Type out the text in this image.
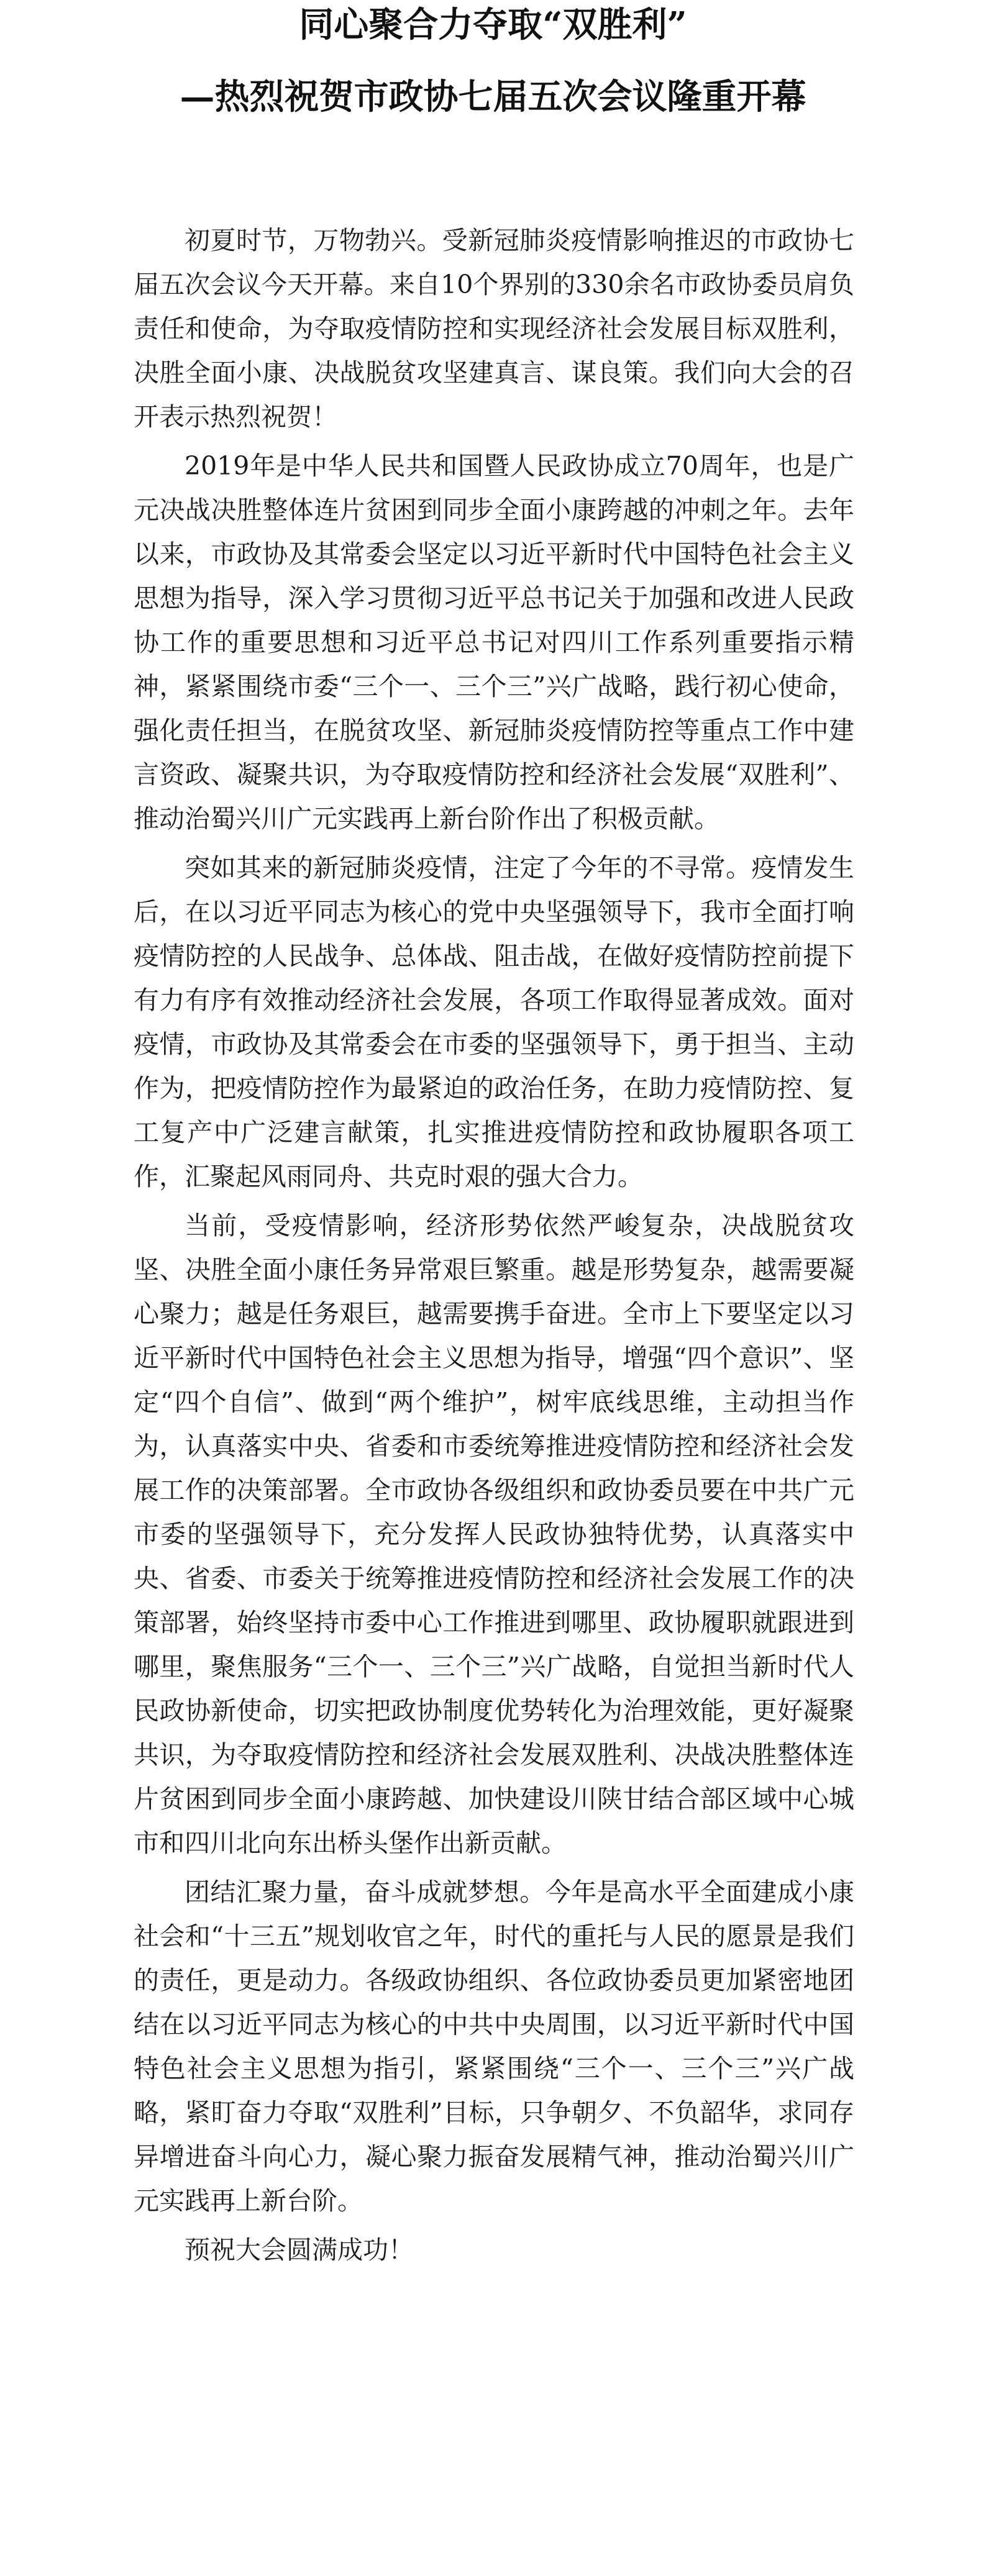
同心聚合力夺取“双胜利”
—热烈祝贺市政协七届五次会议隆重开幕

初夏时节，万物勃兴。受新冠肺炎疫情影响推迟的市政协七届五次会议今天开幕。来自10个界别的330余名市政协委员肩负责任和使命，为夺取疫情防控和实现经济社会发展目标双胜利，决胜全面小康、决战脱贫攻坚建真言、谋良策。我们向大会的召开表示热烈祝贺！

2019年是中华人民共和国暨人民政协成立70周年，也是广元决战决胜整体连片贫困到同步全面小康跨越的冲刺之年。去年以来，市政协及其常委会坚定以习近平新时代中国特色社会主义思想为指导，深入学习贯彻习近平总书记关于加强和改进人民政协工作的重要思想和习近平总书记对四川工作系列重要指示精神，紧紧围绕市委“三个一、三个三”兴广战略，践行初心使命，强化责任担当，在脱贫攻坚、新冠肺炎疫情防控等重点工作中建言资政、凝聚共识，为夺取疫情防控和经济社会发展“双胜利”、推动治蜀兴川广元实践再上新台阶作出了积极贡献。

突如其来的新冠肺炎疫情，注定了今年的不寻常。疫情发生后，在以习近平同志为核心的党中央坚强领导下，我市全面打响疫情防控的人民战争、总体战、阻击战，在做好疫情防控前提下有力有序有效推动经济社会发展，各项工作取得显著成效。面对疫情，市政协及其常委会在市委的坚强领导下，勇于担当、主动作为，把疫情防控作为最紧迫的政治任务，在助力疫情防控、复工复产中广泛建言献策，扎实推进疫情防控和政协履职各项工作，汇聚起风雨同舟、共克时艰的强大合力。

当前，受疫情影响，经济形势依然严峻复杂，决战脱贫攻坚、决胜全面小康任务异常艰巨繁重。越是形势复杂，越需要凝心聚力；越是任务艰巨，越需要携手奋进。全市上下要坚定以习近平新时代中国特色社会主义思想为指导，增强“四个意识”、坚定“四个自信”、做到“两个维护”，树牢底线思维，主动担当作为，认真落实中央、省委和市委统筹推进疫情防控和经济社会发展工作的决策部署。全市政协各级组织和政协委员要在中共广元市委的坚强领导下，充分发挥人民政协独特优势，认真落实中央、省委、市委关于统筹推进疫情防控和经济社会发展工作的决策部署，始终坚持市委中心工作推进到哪里、政协履职就跟进到哪里，聚焦服务“三个一、三个三”兴广战略，自觉担当新时代人民政协新使命，切实把政协制度优势转化为治理效能，更好凝聚共识，为夺取疫情防控和经济社会发展双胜利、决战决胜整体连片贫困到同步全面小康跨越、加快建设川陕甘结合部区域中心城市和四川北向东出桥头堡作出新贡献。

团结汇聚力量，奋斗成就梦想。今年是高水平全面建成小康社会和“十三五”规划收官之年，时代的重托与人民的愿景是我们的责任，更是动力。各级政协组织、各位政协委员更加紧密地团结在以习近平同志为核心的中共中央周围，以习近平新时代中国特色社会主义思想为指引，紧紧围绕“三个一、三个三”兴广战略，紧盯奋力夺取“双胜利”目标，只争朝夕、不负韶华，求同存异增进奋斗向心力，凝心聚力振奋发展精气神，推动治蜀兴川广元实践再上新台阶。

预祝大会圆满成功！
